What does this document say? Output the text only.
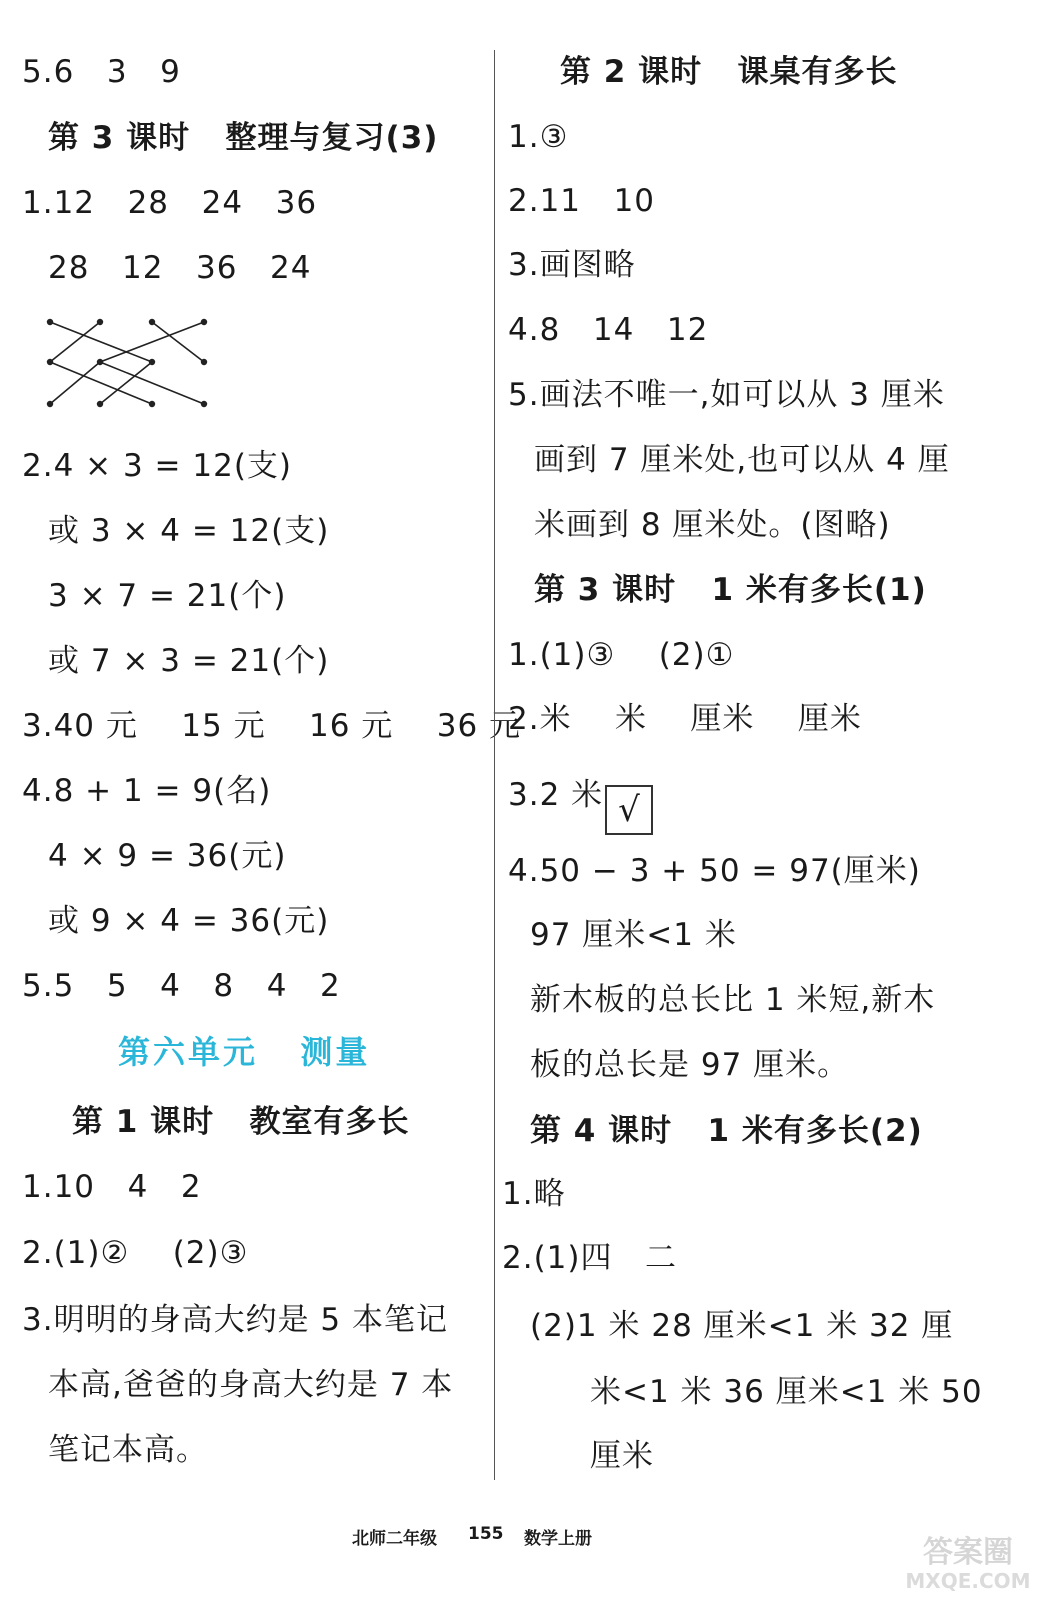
5.6   3   9
第 3 课时   整理与复习(3)
1.12   28   24   36
28   12   36   24
2.4 × 3 = 12(支)
或 3 × 4 = 12(支)
3 × 7 = 21(个)
或 7 × 3 = 21(个)
3.40 元    15 元    16 元    36 元
4.8 + 1 = 9(名)
4 × 9 = 36(元)
或 9 × 4 = 36(元)
5.5   5   4   8   4   2
第六单元   测量
第 1 课时   教室有多长
1.10   4   2
2.(1)②    (2)③
3.明明的身高大约是 5 本笔记
本高,爸爸的身高大约是 7 本
笔记本高。
第 2 课时   课桌有多长
1.③
2.11   10
3.画图略
4.8   14   12
5.画法不唯一,如可以从 3 厘米
画到 7 厘米处,也可以从 4 厘
米画到 8 厘米处。(图略)
第 3 课时   1 米有多长(1)
1.(1)③    (2)①
2.米    米    厘米    厘米
3.2 米 √
4.50 − 3 + 50 = 97(厘米)
97 厘米<1 米
新木板的总长比 1 米短,新木
板的总长是 97 厘米。
第 4 课时   1 米有多长(2)
1.略
2.(1)四   二
(2)1 米 28 厘米<1 米 32 厘
米<1 米 36 厘米<1 米 50
厘米
北师二年级 155 数学上册	答案圈
MXQE.COM
